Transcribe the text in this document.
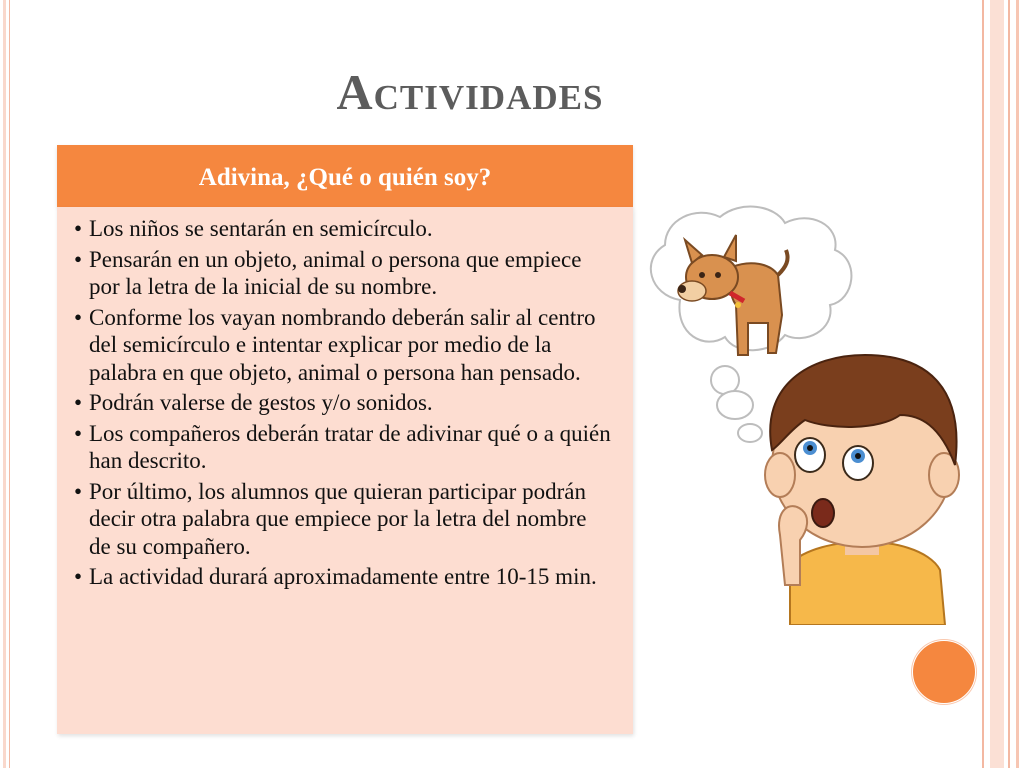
Actividades
Adivina, ¿Qué o quién soy?
• Los niños se sentarán en semicírculo.
• Pensarán en un objeto, animal o persona que empiece por la letra de la inicial de su nombre.
• Conforme los vayan nombrando deberán salir al centro del semicírculo e intentar explicar por medio de la palabra en que objeto, animal o persona han pensado.
• Podrán valerse de gestos y/o sonidos.
• Los compañeros deberán tratar de adivinar qué o a quién han descrito.
• Por último, los alumnos que quieran participar podrán decir otra palabra que empiece por la letra del nombre de su compañero.
• La actividad durará aproximadamente entre 10-15 min.
